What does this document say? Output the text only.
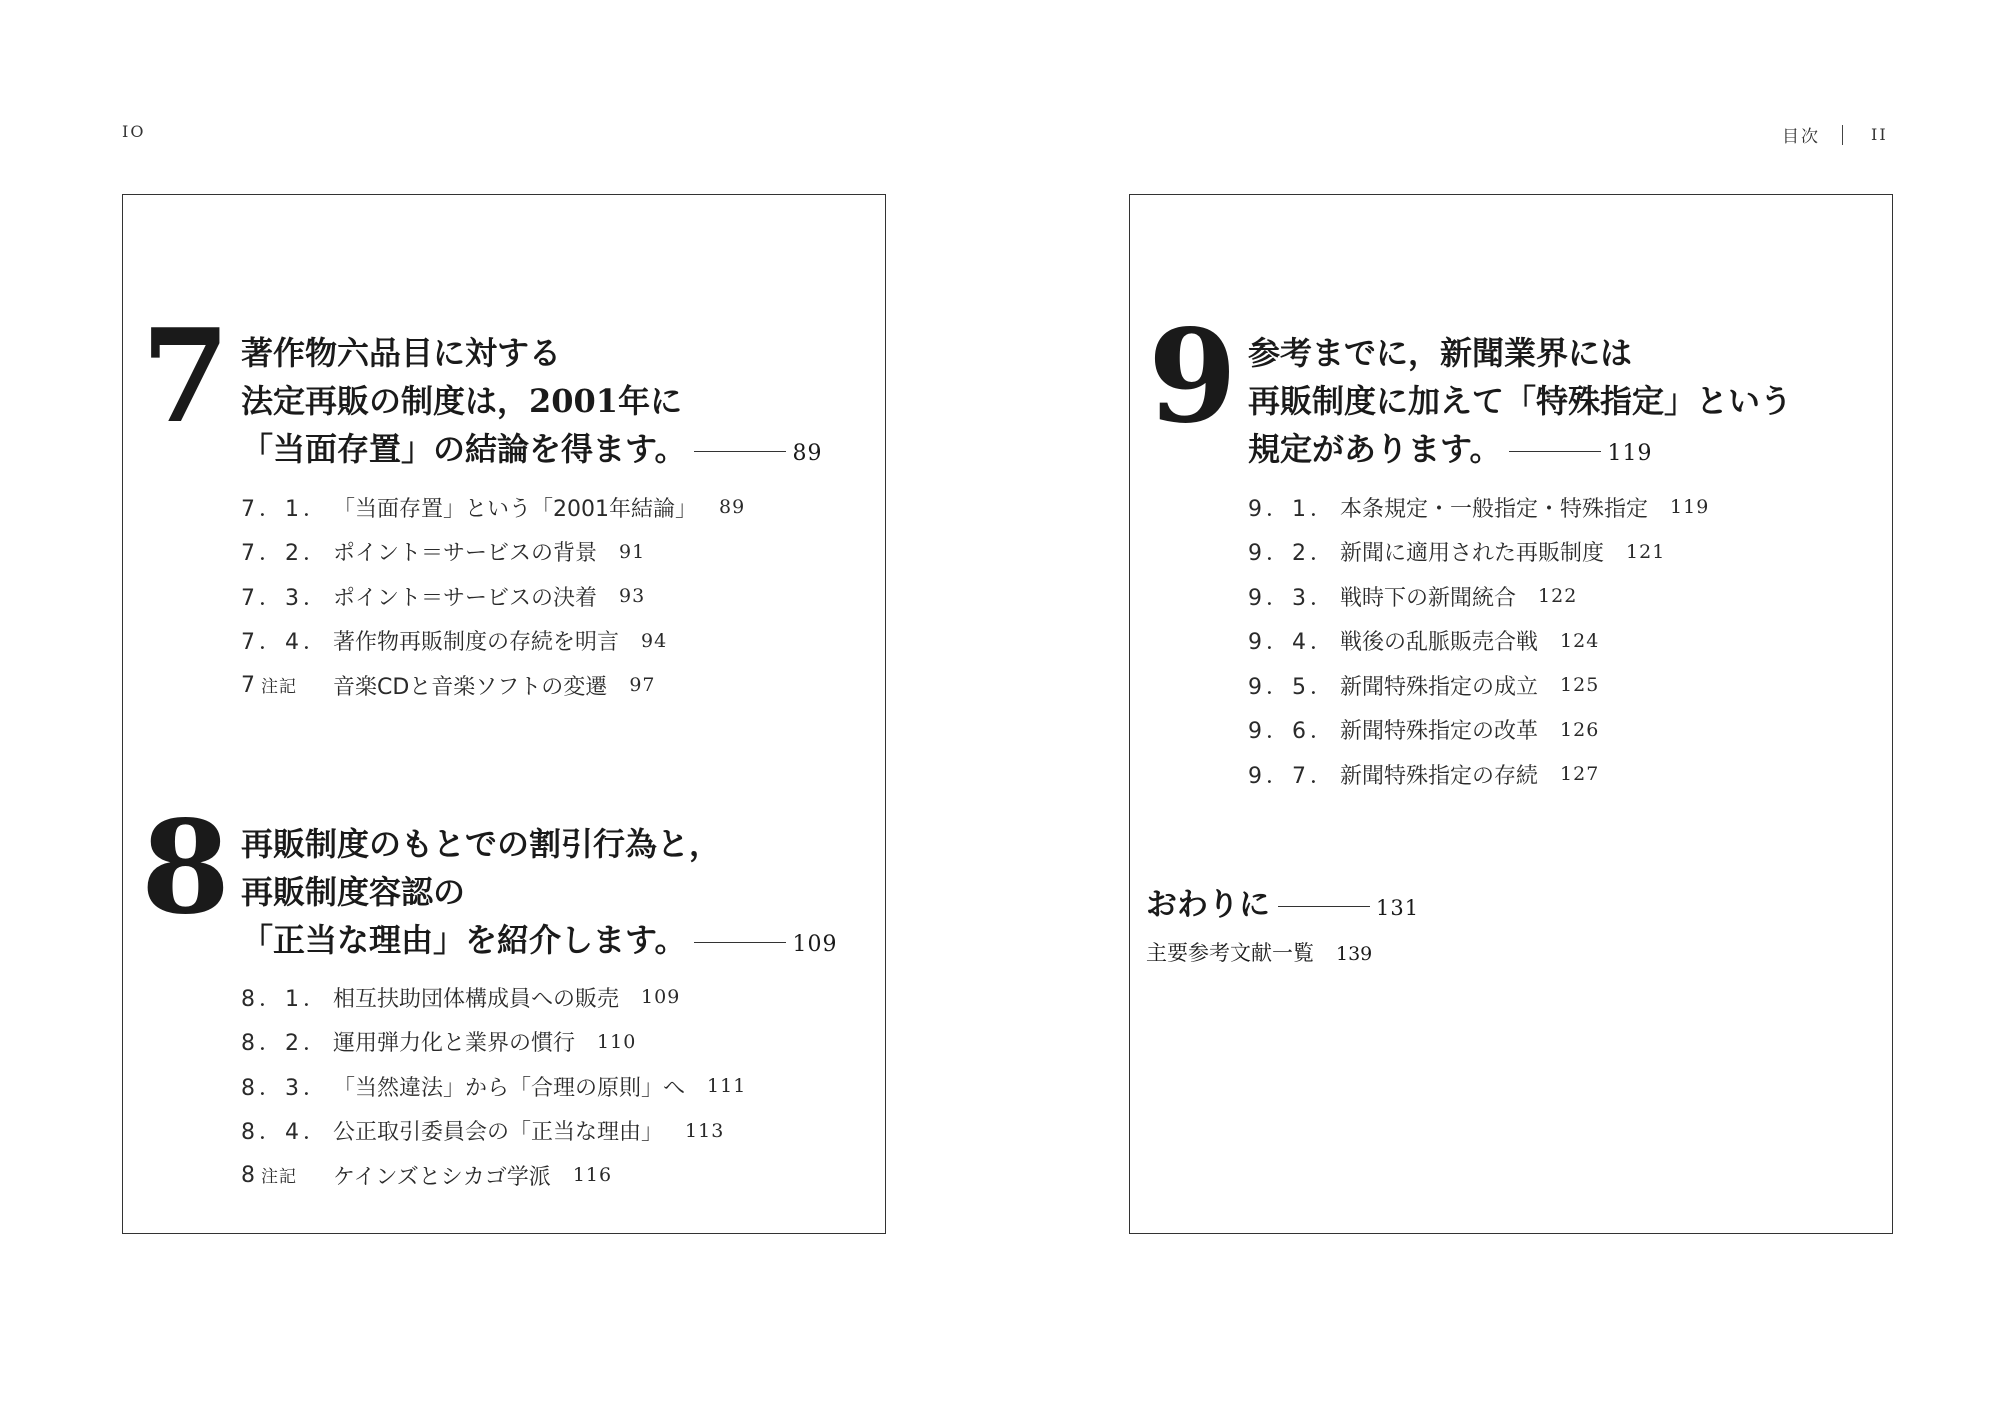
IO	目次	II
7 著作物六品目に対する
法定再販の制度は，2001年に
「当面存置」の結論を得ます。	89
7．1． 「当面存置」という「2001年結論」 89
7．2． ポイント＝サービスの背景 91
7．3． ポイント＝サービスの決着 93
7．4． 著作物再販制度の存続を明言 94
7 注記	音楽CDと音楽ソフトの変遷 97
8 再販制度のもとでの割引行為と，
再販制度容認の
「正当な理由」を紹介します。	109
8．1． 相互扶助団体構成員への販売 109
8．2． 運用弾力化と業界の慣行 110
8．3． 「当然違法」から「合理の原則」へ 111
8．4． 公正取引委員会の「正当な理由」 113
8 注記	ケインズとシカゴ学派 116
9 参考までに，新聞業界には
再販制度に加えて「特殊指定」という
規定があります。	119
9．1． 本条規定・一般指定・特殊指定 119
9．2． 新聞に適用された再販制度 121
9．3． 戦時下の新聞統合 122
9．4． 戦後の乱脈販売合戦 124
9．5． 新聞特殊指定の成立 125
9．6． 新聞特殊指定の改革 126
9．7． 新聞特殊指定の存続 127
おわりに	131
主要参考文献一覧 139
